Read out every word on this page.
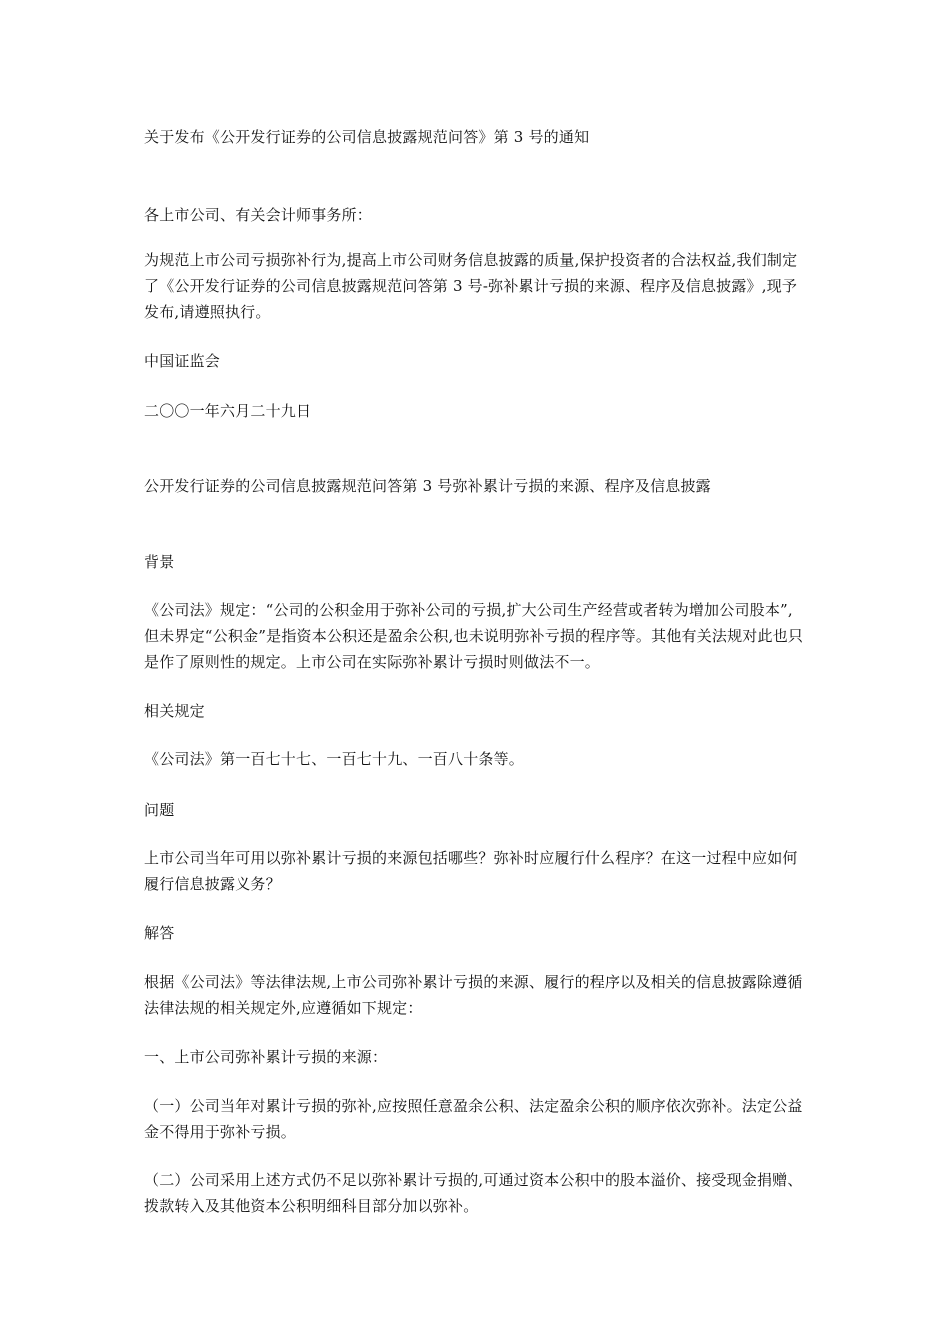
关于发布《公开发行证券的公司信息披露规范问答》第 3 号的通知

各上市公司、有关会计师事务所：

为规范上市公司亏损弥补行为,提高上市公司财务信息披露的质量,保护投资者的合法权益,我们制定了《公开发行证券的公司信息披露规范问答第 3 号-弥补累计亏损的来源、程序及信息披露》,现予发布,请遵照执行。

中国证监会

二〇〇一年六月二十九日

公开发行证券的公司信息披露规范问答第 3 号弥补累计亏损的来源、程序及信息披露

背景

《公司法》规定：“公司的公积金用于弥补公司的亏损,扩大公司生产经营或者转为增加公司股本”,但未界定“公积金”是指资本公积还是盈余公积,也未说明弥补亏损的程序等。其他有关法规对此也只是作了原则性的规定。上市公司在实际弥补累计亏损时则做法不一。

相关规定

《公司法》第一百七十七、一百七十九、一百八十条等。

问题

上市公司当年可用以弥补累计亏损的来源包括哪些？弥补时应履行什么程序？在这一过程中应如何履行信息披露义务？

解答

根据《公司法》等法律法规,上市公司弥补累计亏损的来源、履行的程序以及相关的信息披露除遵循法律法规的相关规定外,应遵循如下规定：

一、上市公司弥补累计亏损的来源：

（一）公司当年对累计亏损的弥补,应按照任意盈余公积、法定盈余公积的顺序依次弥补。法定公益金不得用于弥补亏损。

（二）公司采用上述方式仍不足以弥补累计亏损的,可通过资本公积中的股本溢价、接受现金捐赠、拨款转入及其他资本公积明细科目部分加以弥补。
